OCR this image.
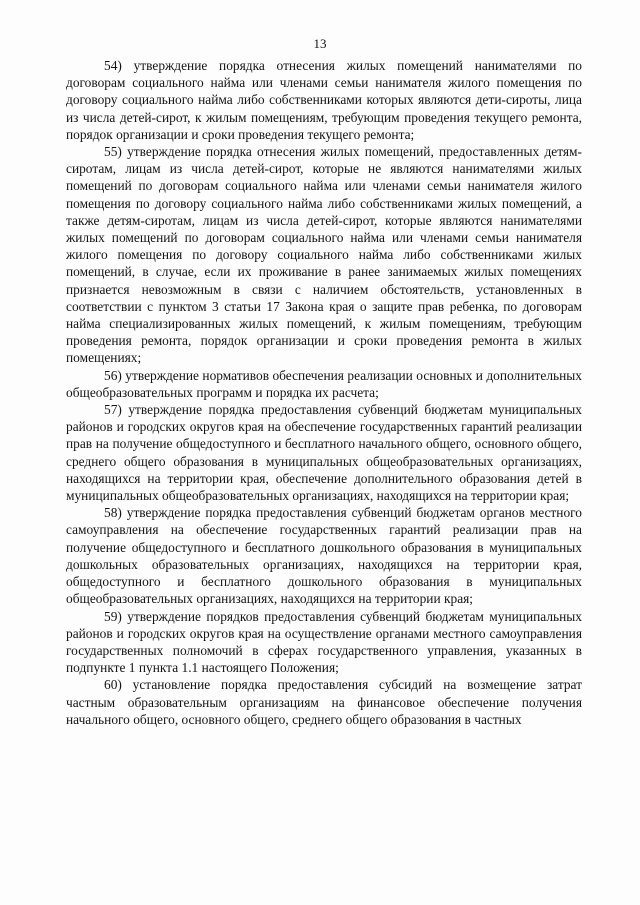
13

54) утверждение порядка отнесения жилых помещений нанимателями по договорам социального найма или членами семьи нанимателя жилого помещения по договору социального найма либо собственниками которых являются дети-сироты, лица из числа детей-сирот, к жилым помещениям, требующим проведения текущего ремонта, порядок организации и сроки проведения текущего ремонта;

55) утверждение порядка отнесения жилых помещений, предоставленных детям-сиротам, лицам из числа детей-сирот, которые не являются нанимателями жилых помещений по договорам социального найма или членами семьи нанимателя жилого помещения по договору социального найма либо собственниками жилых помещений, а также детям-сиротам, лицам из числа детей-сирот, которые являются нанимателями жилых помещений по договорам социального найма или членами семьи нанимателя жилого помещения по договору социального найма либо собственниками жилых помещений, в случае, если их проживание в ранее занимаемых жилых помещениях признается невозможным в связи с наличием обстоятельств, установленных в соответствии с пунктом 3 статьи 17 Закона края о защите прав ребенка, по договорам найма специализированных жилых помещений, к жилым помещениям, требующим проведения ремонта, порядок организации и сроки проведения ремонта в жилых помещениях;

56) утверждение нормативов обеспечения реализации основных и дополнительных общеобразовательных программ и порядка их расчета;

57) утверждение порядка предоставления субвенций бюджетам муниципальных районов и городских округов края на обеспечение государственных гарантий реализации прав на получение общедоступного и бесплатного начального общего, основного общего, среднего общего образования в муниципальных общеобразовательных организациях, находящихся на территории края, обеспечение дополнительного образования детей в муниципальных общеобразовательных организациях, находящихся на территории края;

58) утверждение порядка предоставления субвенций бюджетам органов местного самоуправления на обеспечение государственных гарантий реализации прав на получение общедоступного и бесплатного дошкольного образования в муниципальных дошкольных образовательных организациях, находящихся на территории края, общедоступного и бесплатного дошкольного образования в муниципальных общеобразовательных организациях, находящихся на территории края;

59) утверждение порядков предоставления субвенций бюджетам муниципальных районов и городских округов края на осуществление органами местного самоуправления государственных полномочий в сферах государственного управления, указанных в подпункте 1 пункта 1.1 настоящего Положения;

60) установление порядка предоставления субсидий на возмещение затрат частным образовательным организациям на финансовое обеспечение получения начального общего, основного общего, среднего общего образования в частных
